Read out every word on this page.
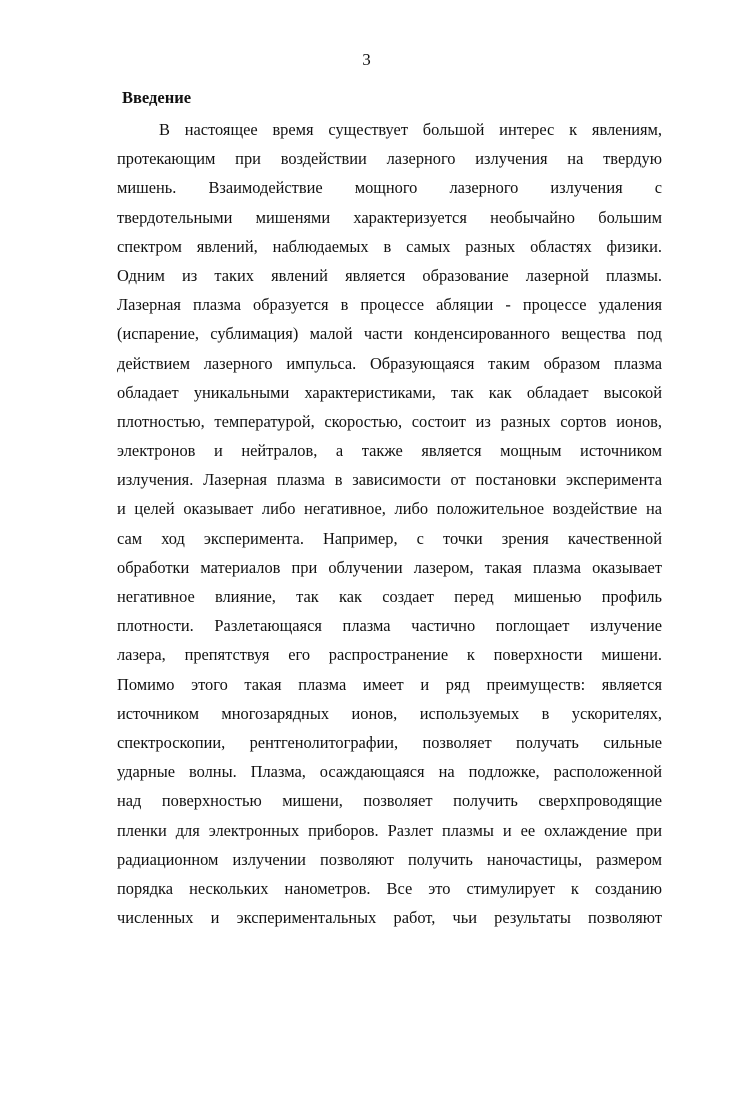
3
Введение
В настоящее время существует большой интерес к явлениям,
протекающим при воздействии лазерного излучения на твердую
мишень. Взаимодействие мощного лазерного излучения с
твердотельными мишенями характеризуется необычайно большим
спектром явлений, наблюдаемых в самых разных областях физики.
Одним из таких явлений является образование лазерной плазмы.
Лазерная плазма образуется в процессе абляции - процессе удаления
(испарение, сублимация) малой части конденсированного вещества под
действием лазерного импульса. Образующаяся таким образом плазма
обладает уникальными характеристиками, так как обладает высокой
плотностью, температурой, скоростью, состоит из разных сортов ионов,
электронов и нейтралов, а также является мощным источником
излучения. Лазерная плазма в зависимости от постановки эксперимента
и целей оказывает либо негативное, либо положительное воздействие на
сам ход эксперимента. Например, с точки зрения качественной
обработки материалов при облучении лазером, такая плазма оказывает
негативное влияние, так как создает перед мишенью профиль
плотности. Разлетающаяся плазма частично поглощает излучение
лазера, препятствуя его распространение к поверхности мишени.
Помимо этого такая плазма имеет и ряд преимуществ: является
источником многозарядных ионов, используемых в ускорителях,
спектроскопии, рентгенолитографии, позволяет получать сильные
ударные волны. Плазма, осаждающаяся на подложке, расположенной
над поверхностью мишени, позволяет получить сверхпроводящие
пленки для электронных приборов. Разлет плазмы и ее охлаждение при
радиационном излучении позволяют получить наночастицы, размером
порядка нескольких нанометров. Все это стимулирует к созданию
численных и экспериментальных работ, чьи результаты позволяют
